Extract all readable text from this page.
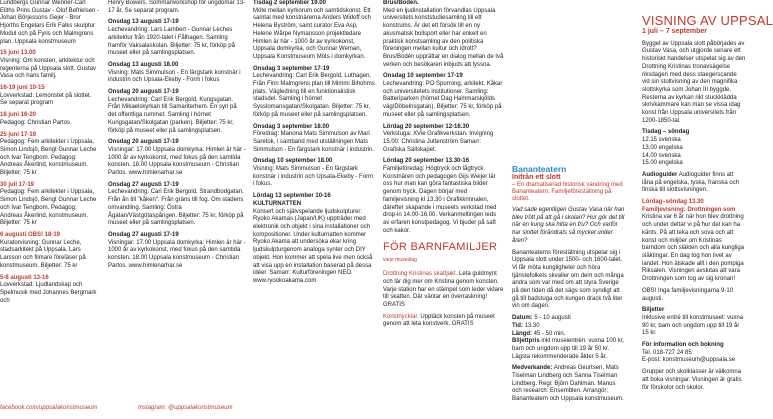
Lundbergs Gunnar Wenner-Carl Eliths Prins Gustav - Olof Befrielsen - Johan Börjessons Gejer - Bror Hjorths Engelars Erik Falks skulptur Modul och på Fyris och Malmgrens plan. Uppsala konstmuseum
15 juni 13.00
Visning: Om konsten, arkitektur och regenterna på Uppsala slott. Gustav Vasa och hans familj.
16-19 juni 10-15
Lovverkstad: Lemonstet på slottet. Se separat program
18 juni 16-20
Pedagog: Christian Partos
25 juni 17-19
Pedagog: Fem arkitekter i Uppsala, Simon Lindsjö, Bengt Gunnar Leche och Ivar Tengbom. Pedagog: Andreas Åkerlind, konstmuseum. Biljetter: 75 kr
30 juli 17-19
Pedagog: Fem arkitekter i Uppsala, Simon Lindsjö, Bengt Gunnar Leche och Ivar Tengbom. Pedagog: Andreas Åkerlind, konstmuseum. Biljetter: 75 kr
6 augusti OBS! 18-19
Kuratorvisning: Gunnar Leche, stadsarkitekt på Uppsala. Lars Larsson och filmare föreläser på konstmuseum. Biljetter: 75 kr
5-8 augusti 13-16
Lovverkstad: Ljudlandskap och Spelmusik med Johannes Bergmark och
facebook.com/uppsalakonstmuseum
Henry Bowers. Sommarworkshop för ungdomar 13-17 år. Se separat program.
Onsdag 13 augusti 17-19
Lechevandring: Lars Lambert - Gunnar Leches arkitektur från 1920-talet i Fålhagen. Samling framför Vaksalaskolan. Biljetter: 75 kr, förköp på museet eller på samlingsplatsen.
Onsdag 13 augusti 18.00
Visning: Mats Simmulson - En färgstark konstnär i industrin och Upsala-Ekeby - Form i fokus
Onsdag 20 augusti 17-19
Lechevandring: Carl Erik Bergold, Kungsgatan. Från Mikaelskyrkan till Samariterhem. En syn på det offentliga rummet. Samling i hörnet Kungsgatan/Skolgatan (parken). Biljetter: 75 kr, förköp på museet eller på samlingsplatsen.
Onsdag 20 augusti 17-19
Visningar: 17.00 Uppsala domkyrka: Himlen är här - 1000 år av kyrkokonst, med fokus på den samtida konsten. 18.00 Uppsala konstmuseum - Christian Partos. www.himlenarhar.se
Onsdag 27 augusti 17-19
Lechevandring: Carl Erik Bergold, Strandbodgatan. Från ån till "kåken". Från gräns till fog. Om stadens omvandling. Samling: Östra Ågatan/Västgötaspången. Biljetter: 75 kr, förköp på museet eller på samlingsplatsen.
Onsdag 27 augusti 17-19
Visningar: 17.00 Uppsala domkyrka: Himlen är här - 1000 år av kyrkokonst, med fokus på den samtida konsten. 18.00 Uppsala konstmuseum - Christian Partos. www.himlenarhar.se
Instagram: @uppsalakonstmuseum
Tisdag 2 september 19.00
Möte mellan kyrkorum och samtidskonst. Ett samtal med konstnärerna Anders Widoff och Helena Byström, samt curator Eva Asp, Helene Wårpe Nymansson projektledare Himlen är här - 1000 år av kyrkokonst, Uppsala domkyrka, och Gunnar Weman, Uppsala Konstmuseum Möts i domkyrkan.
Onsdag 3 september 17-19
Lechevandring: Carl Erik Bergold, Luthagen. Från Finn Malmgrens plan till Mimmi Bihohms plats. Vägledning till en funktionalistisk stadsdel. Samling i hörnet Sysslomansgatan/Skolgatan. Biljetter: 75 kr, förköp på museet eller på samlingsplatsen.
Onsdag 3 september 18.00
Föredrag: Manona Mats Simmulson av Mari Saretok, i samband med utställningen Mats Simmulson - En färgstark konstnär i industrin.
Onsdag 10 september 18.00
Visning: Mats Simmulson - En färgstark konstnär i industrin och Upsala-Ekeby - Form i fokus.
Lördag 13 september 10-16 KULTURNATTEN
Konsert och självspelande ljudskulpturer: Ryoko Akamas (Japan/UK) uppträder med elektronik och objekt i sina installationer och kompositioner. Under kulturnatten kommer Ryoko Akama att undersöka ekar kring ljudskulpturgenom analoga synter och DIY objekt. Hon kommer att spela live men också att visa upp en installation baserad på dessa idéer. Samarr: Kulturföreningen NEO. www.ryookoakama.com
Brus/Bodén.
Med en ljudinstallation förvandlas Uppsala universitets konststudiesamling till ett konstrums. Är det ett försök till en ny akusmatisk bollsport eller har enkelt en praktisk konstsamling av den politiska föreningen mellan kultur och idrott? Brus/Bodén upprättar en dialog mellan de två verken och besökaren inbjuds att lyssna.
Onsdag 10 september 17-19
Lechevandring: PO Sporrong, arkitekt. Kåkar och universitetets institutioner. Samling: Batteriparken (hörnet Dag Hammarskjölds väg/Döbelnsgatan). Biljetter: 75 kr, förköp på museet eller på samlingsplatsen.
Lördag 20 september 12-16.30
Verkstuga: XVie Grafikverkstan. Invigning 15.00: Christina Juttenström Samarr: Grafiska Sällskapet.
Lördag 20 september 13.30-16
Familjeföredag: Högtryck och lågtryck. Konstnären och pedagogen Gijs Weijer lär oss hur man kan göra fantastiska bilder genom tryck. Dagen börjar med familjevisning kl 13.30 i Grafikkrinnalen, därefter skapande i museets verkstad med drop-in 14.00-16.00. Verkanmeltingen leds av erfaren konstpedagog. Vi bjuder på saft och kakor.
FÖR BARNFAMILJER
varje museidag
Drottning Kristinas skattjakt. Leta guldmynt och lär dig mer om Kristina genom konsten. Varje station har en stämpel som leder vidare till skatten. Där väntar en överraskning! GRATIS
Konstnycklar. Upptäck konsten på museet genom att leta konstverk. GRATIS
Bananteatern
Inifrån ett slott
– En dramatiserad historisk vandring med Bananteatern. Familjeföreställning på slottet.
Vad sade egentligen Gustav Vasa när han blev trött på att gå i skolan? Hur gör det till när en kung ska hitta en fru? Och varför har slottet förändrats så mycket under åren?
Bananteaterns föreställning utspelar sig i Uppsala slott under 1500- och 1600-talet. Vi får möta kungligheter och höra tjänstefolkets skvaller om dem och många andra som var med om att styra Sverige på den tiden då det sägs som syndigt att gå till badstuga och kungen drack två liter vin om dagen.
Datum: 5 - 10 augusti
Tid: 13.30
Längd: 45 - 50 min.
Biljettpris inkl museientrén: vuxna 100 kr, barn och ungdom upp till 19 år 50 kr. Lägsta rekommenderade ålder 5 år.
Medverkande: Andreas Geurtsen, Mats Tiselman Lindberg och Sanna Tiselman Lindberg. Regi: Björn Dahlman. Manus och research: Ensemblen. Arrangör: Bananteatern och Uppsala konstmuseum.
VISNING AV UPPSAL
1 juli – 7 september
Bygget av Uppsala slott påbörjades av Gustav Vasa, och utgjorde senare ett historiskt handelser utspelat sig av den Drottning Kristinas tronavsägelse riksdagen med dess staegerscande vid sin stoltvisning av den magnifika slottskyrka som Johan III byggde. Resterna av kyrkan rikt stuckklädda skrivkammare kan man se vissa idag konst från Uppsala universitets från 1200-1850-tal.
Tisdag – söndag
12.15 svenska
13.00 engelska
14.00 svenska
15.00 engelska
Audioguider Audioguider finns att låna på engelska, tyska, franska och finska till slottsvisningen.
Lördag–söndag 13.30
Familjevisning: Drottningen som
Kristina var 6 år när hon blev drottning och under dettar vi på hur det kan ha känts. På att leka och sova och att konst och miljöer om Kristinas barndom och släkten och alla kungliga släktingar. En dag tog hon livet av landet. Hon älskade allt i den pompiga Riksalen. Visningen avslutas att vara Drottningen som tog av sig kronan!
OBS! Inga familjevisningarna 9-10 augusti.
Biljetter
Inklusive entré till konstmuseet: vuxna 90 kr, barn och ungdom upp till 19 år 15 kr.
För information och bokning
Tel. 018-727 24 85
E-post: konstmuseum@uppsala.se
Grupper och skolklasser är välkomna att boka visningar. Visningen är gratis för förskolor och skolor.
